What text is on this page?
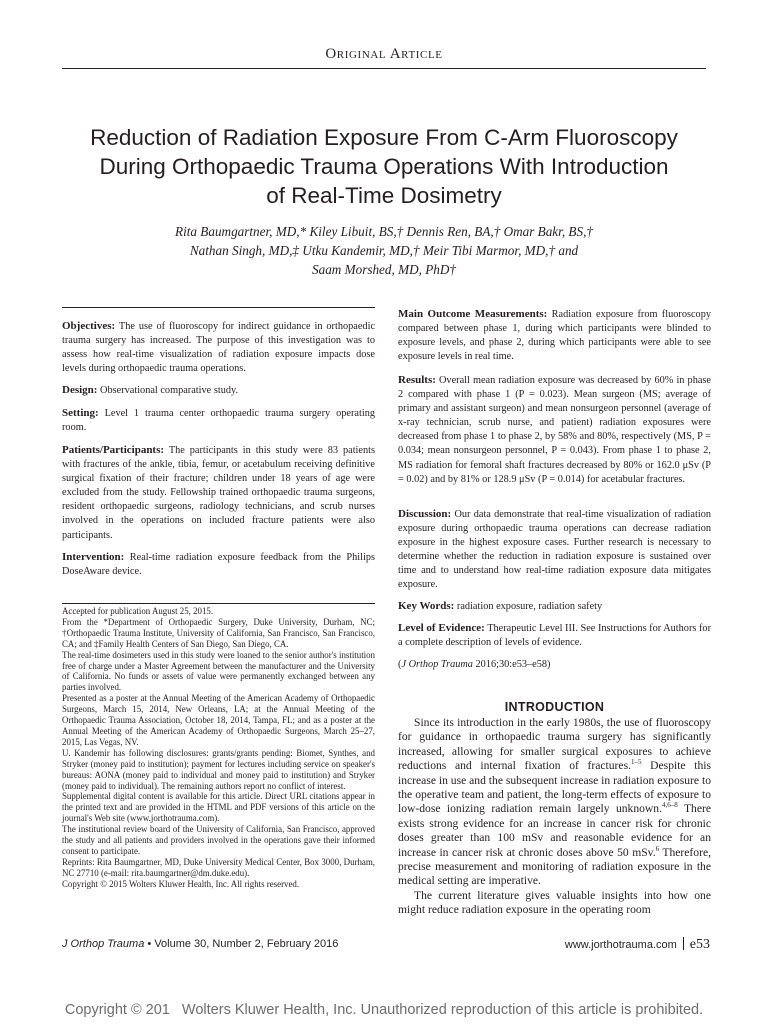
Original Article
Reduction of Radiation Exposure From C-Arm Fluoroscopy During Orthopaedic Trauma Operations With Introduction of Real-Time Dosimetry
Rita Baumgartner, MD,* Kiley Libuit, BS,† Dennis Ren, BA,† Omar Bakr, BS,†
Nathan Singh, MD,‡ Utku Kandemir, MD,† Meir Tibi Marmor, MD,† and
Saam Morshed, MD, PhD†

Objectives: The use of fluoroscopy for indirect guidance in orthopaedic trauma surgery has increased. The purpose of this investigation was to assess how real-time visualization of radiation exposure impacts dose levels during orthopaedic trauma operations.

Design: Observational comparative study.

Setting: Level 1 trauma center orthopaedic trauma surgery operating room.

Patients/Participants: The participants in this study were 83 patients with fractures of the ankle, tibia, femur, or acetabulum receiving definitive surgical fixation of their fracture; children under 18 years of age were excluded from the study. Fellowship trained orthopaedic trauma surgeons, resident orthopaedic surgeons, radiology technicians, and scrub nurses involved in the operations on included fracture patients were also participants.

Intervention: Real-time radiation exposure feedback from the Philips DoseAware device.

Accepted for publication August 25, 2015.

From the *Department of Orthopaedic Surgery, Duke University, Durham, NC; †Orthopaedic Trauma Institute, University of California, San Francisco, San Francisco, CA; and ‡Family Health Centers of San Diego, San Diego, CA.

The real-time dosimeters used in this study were loaned to the senior author's institution free of charge under a Master Agreement between the manufacturer and the University of California. No funds or assets of value were permanently exchanged between any parties involved.

Presented as a poster at the Annual Meeting of the American Academy of Orthopaedic Surgeons, March 15, 2014, New Orleans, LA; at the Annual Meeting of the Orthopaedic Trauma Association, October 18, 2014, Tampa, FL; and as a poster at the Annual Meeting of the American Academy of Orthopaedic Surgeons, March 25–27, 2015, Las Vegas, NV.

U. Kandemir has following disclosures: grants/grants pending: Biomet, Synthes, and Stryker (money paid to institution); payment for lectures including service on speaker's bureaus: AONA (money paid to individual and money paid to institution) and Stryker (money paid to individual). The remaining authors report no conflict of interest.

Supplemental digital content is available for this article. Direct URL citations appear in the printed text and are provided in the HTML and PDF versions of this article on the journal's Web site (www.jorthotrauma.com).

The institutional review board of the University of California, San Francisco, approved the study and all patients and providers involved in the operations gave their informed consent to participate.

Reprints: Rita Baumgartner, MD, Duke University Medical Center, Box 3000, Durham, NC 27710 (e-mail: rita.baumgartner@dm.duke.edu).

Copyright © 2015 Wolters Kluwer Health, Inc. All rights reserved.

Main Outcome Measurements: Radiation exposure from fluoroscopy compared between phase 1, during which participants were blinded to exposure levels, and phase 2, during which participants were able to see exposure levels in real time.

Results: Overall mean radiation exposure was decreased by 60% in phase 2 compared with phase 1 (P = 0.023). Mean surgeon (MS; average of primary and assistant surgeon) and mean nonsurgeon personnel (average of x-ray technician, scrub nurse, and patient) radiation exposures were decreased from phase 1 to phase 2, by 58% and 80%, respectively (MS, P = 0.034; mean nonsurgeon personnel, P = 0.043). From phase 1 to phase 2, MS radiation for femoral shaft fractures decreased by 80% or 162.0 μSv (P = 0.02) and by 81% or 128.9 μSv (P = 0.014) for acetabular fractures.

Discussion: Our data demonstrate that real-time visualization of radiation exposure during orthopaedic trauma operations can decrease radiation exposure in the highest exposure cases. Further research is necessary to determine whether the reduction in radiation exposure is sustained over time and to understand how real-time radiation exposure data mitigates exposure.

Key Words: radiation exposure, radiation safety

Level of Evidence: Therapeutic Level III. See Instructions for Authors for a complete description of levels of evidence.

(J Orthop Trauma 2016;30:e53–e58)

INTRODUCTION

Since its introduction in the early 1980s, the use of fluoroscopy for guidance in orthopaedic trauma surgery has significantly increased, allowing for smaller surgical exposures to achieve reductions and internal fixation of fractures.$^{1-5}$ Despite this increase in use and the subsequent increase in radiation exposure to the operative team and patient, the long-term effects of exposure to low-dose ionizing radiation remain largely unknown.$^{4,6-8}$ There exists strong evidence for an increase in cancer risk for chronic doses greater than 100 mSv and reasonable evidence for an increase in cancer risk at chronic doses above 50 mSv.$^6$ Therefore, precise measurement and monitoring of radiation exposure in the medical setting are imperative.

The current literature gives valuable insights into how one might reduce radiation exposure in the operating room

J Orthop Trauma • Volume 30, Number 2, February 2016	www.jorthotrauma.com e53
Copyright © 201   Wolters Kluwer Health, Inc. Unauthorized reproduction of this article is prohibited.
